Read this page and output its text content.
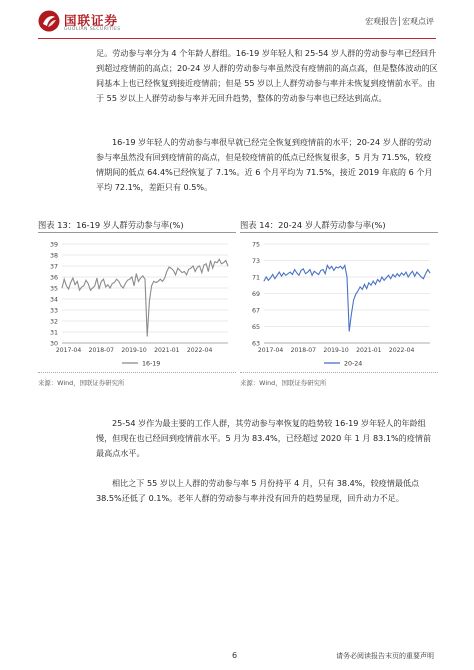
国联证券
GUOLIAN SECURITIES
宏观报告│宏观点评

足。劳动参与率分为 4 个年龄人群组。16-19 岁年轻人和 25-54 岁人群的劳动参与率已经回升到超过疫情前的高点；20-24 岁人群的劳动参与率虽然没有疫情前的高点高，但是整体波动的区间基本上也已经恢复到接近疫情前；但是 55 岁以上人群劳动参与率并未恢复到疫情前水平。由于 55 岁以上人群劳动参与率并无回升趋势，整体的劳动参与率也已经达到高点。

16-19 岁年轻人的劳动参与率很早就已经完全恢复到疫情前的水平；20-24 岁人群的劳动参与率虽然没有回到疫情前的高点，但是较疫情前的低点已经恢复很多，5 月为 71.5%，较疫情期间的低点 64.4%已经恢复了 7.1%。近 6 个月平均为 71.5%，接近 2019 年底的 6 个月平均 72.1%，差距只有 0.5%。

图表 13：16-19 岁人群劳动参与率(%)
30
31
32
33
34
35
36
37
38
39
2017-04 2018-07 2019-10 2021-01 2022-04
16-19
来源：Wind，国联证券研究所
图表 14：20-24 岁人群劳动参与率(%)
63
65
67
69
71
73
75
2017-04 2018-07 2019-10 2021-01 2022-04
20-24
来源：Wind，国联证券研究所

25-54 岁作为最主要的工作人群，其劳动参与率恢复的趋势较 16-19 岁年轻人的年龄组慢，但现在也已经回到疫情前水平。5 月为 83.4%，已经超过 2020 年 1 月 83.1%的疫情前最高点水平。

相比之下 55 岁以上人群的劳动参与率 5 月份持平 4 月，只有 38.4%，较疫情最低点 38.5%还低了 0.1%。老年人群的劳动参与率并没有回升的趋势显现，回升动力不足。

6	请务必阅读报告末页的重要声明
